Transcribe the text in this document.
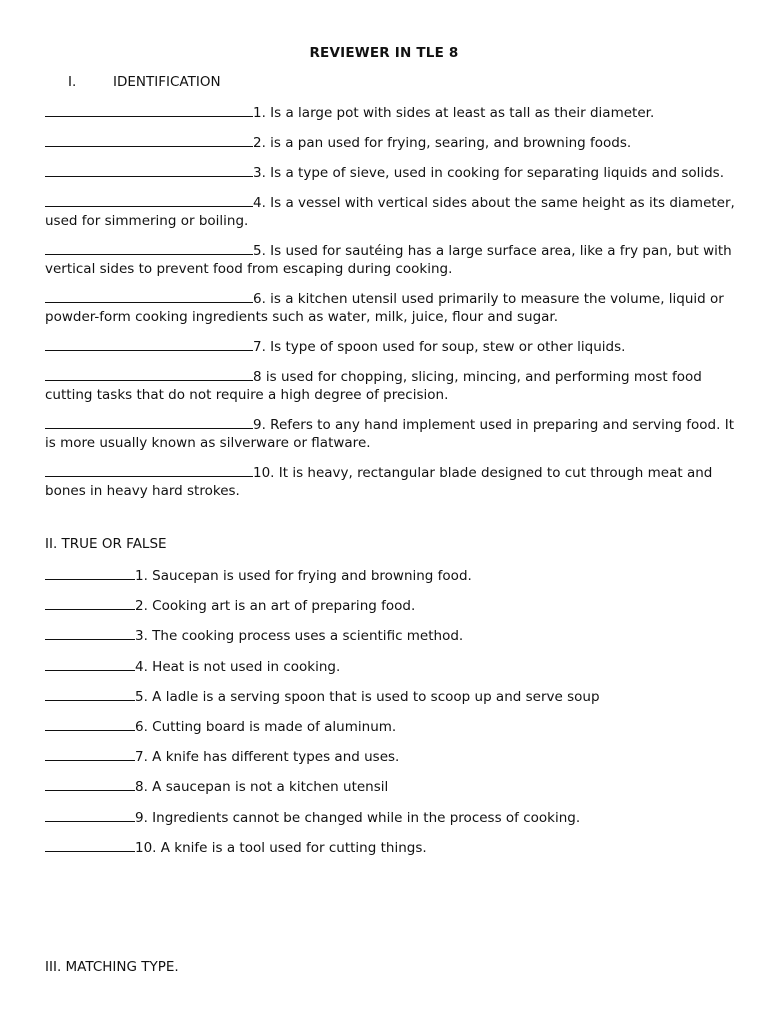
REVIEWER IN TLE 8
I.	IDENTIFICATION
1. Is a large pot with sides at least as tall as their diameter.
2. is a pan used for frying, searing, and browning foods.
3. Is a type of sieve, used in cooking for separating liquids and solids.
4. Is a vessel with vertical sides about the same height as its diameter, used for simmering or boiling.
5. Is used for sautéing has a large surface area, like a fry pan, but with vertical sides to prevent food from escaping during cooking.
6. is a kitchen utensil used primarily to measure the volume, liquid or powder-form cooking ingredients such as water, milk, juice, flour and sugar.
7. Is type of spoon used for soup, stew or other liquids.
8 is used for chopping, slicing, mincing, and performing most food cutting tasks that do not require a high degree of precision.
9. Refers to any hand implement used in preparing and serving food. It is more usually known as silverware or flatware.
10. It is heavy, rectangular blade designed to cut through meat and bones in heavy hard strokes.
II. TRUE OR FALSE
1. Saucepan is used for frying and browning food.
2. Cooking art is an art of preparing food.
3. The cooking process uses a scientific method.
4. Heat is not used in cooking.
5. A ladle is a serving spoon that is used to scoop up and serve soup
6. Cutting board is made of aluminum.
7. A knife has different types and uses.
8. A saucepan is not a kitchen utensil
9. Ingredients cannot be changed while in the process of cooking.
10. A knife is a tool used for cutting things.
III. MATCHING TYPE.
